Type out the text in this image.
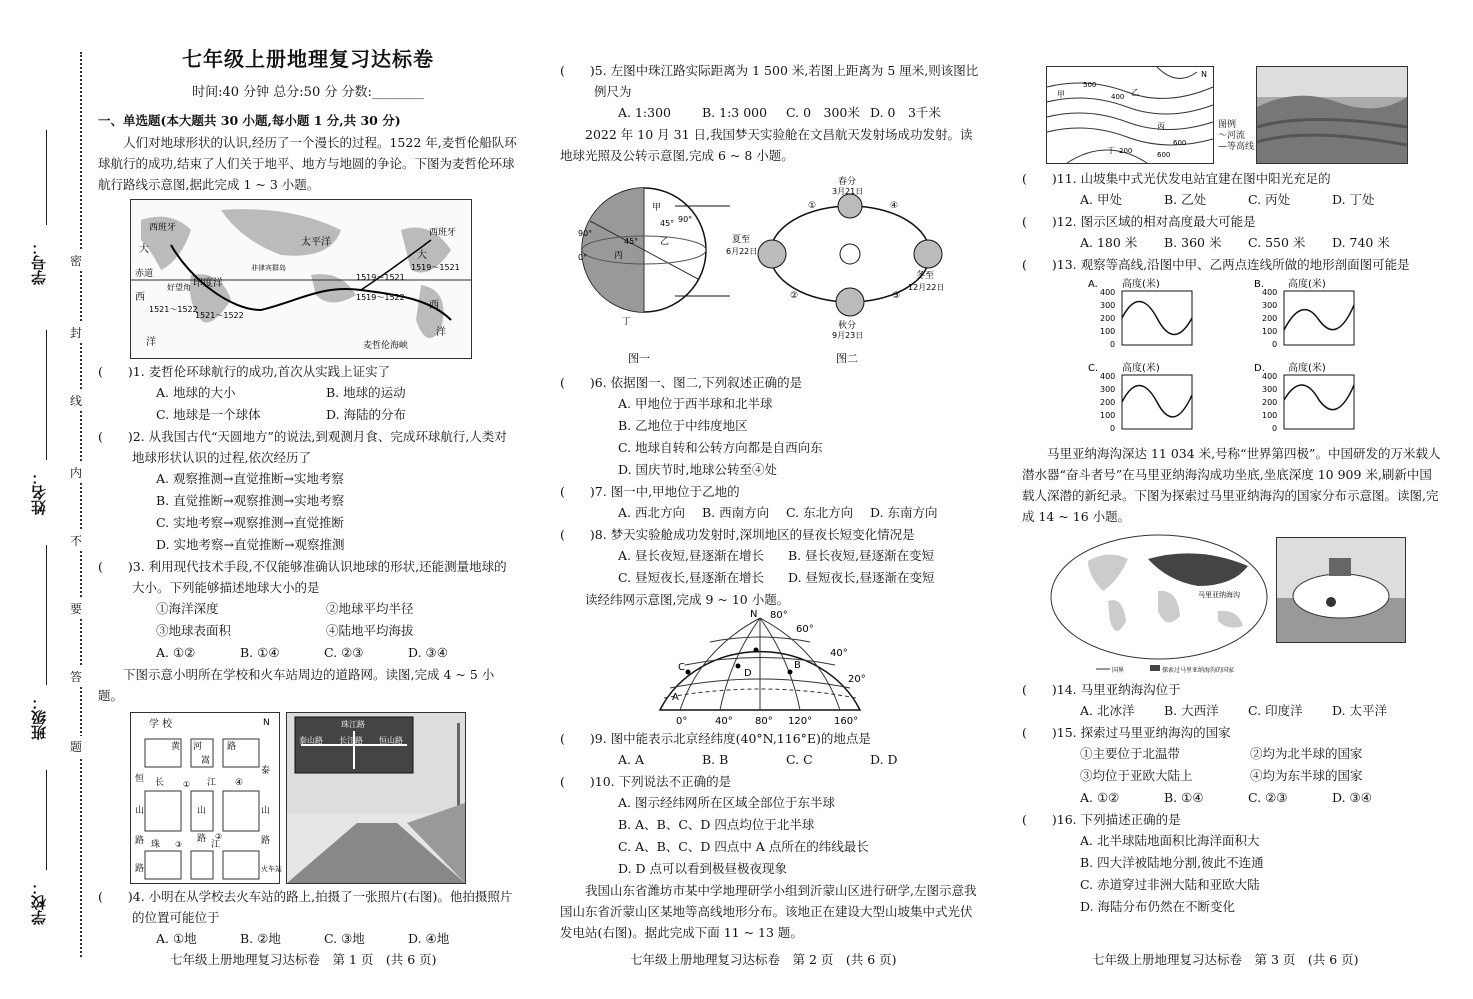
学号：
姓名：
班级：
学校：
密
封
线
内
不
要
答
题
七年级上册地理复习达标卷
时间:40 分钟 总分:50 分 分数:________
一、单选题(本大题共 30 小题,每小题 1 分,共 30 分)
人们对地球形状的认识,经历了一个漫长的过程。1522 年,麦哲伦船队环球航行的成功,结束了人们关于地平、地方与地圆的争论。下图为麦哲伦环球航行路线示意图,据此完成 1 ~ 3 小题。
西班牙
太平洋
大
西班牙
大
1519～1521
赤道
非律宾群岛
好望角 印度洋
1519～1521
1521～1522
西
1521～1522
洋
1519～1522
麦哲伦海峡
西
洋
(　　)1. 麦哲伦环球航行的成功,首次从实践上证实了
A. 地球的大小	B. 地球的运动
C. 地球是一个球体	D. 海陆的分布
(　　)2. 从我国古代“天圆地方”的说法,到观测月食、完成环球航行,人类对地球形状认识的过程,依次经历了
A. 观察推测→直觉推断→实地考察
B. 直觉推断→观察推测→实地考察
C. 实地考察→观察推测→直觉推断
D. 实地考察→直觉推断→观察推测
(　　)3. 利用现代技术手段,不仅能够准确认识地球的形状,还能测量地球的大小。下列能够描述地球大小的是
①海洋深度	②地球平均半径
③地球表面积	④陆地平均海拔
A. ①②	B. ①④	C. ②③	D. ③④
下图示意小明所在学校和火车站周边的道路网。读图,完成 4 ~ 5 小题。
学 校
黄 河	路
嵩
泰
恒 长	江 ④
山
①
山	山
②
路	路	路
珠 ③	江
路	火车站
N	珠江路
泰山路 长江路 恒山路
(　　)4. 小明在从学校去火车站的路上,拍摄了一张照片(右图)。他拍摄照片的位置可能位于
A. ①地	B. ②地	C. ③地	D. ④地
七年级上册地理复习达标卷　第 1 页　(共 6 页)
(　　)5. 左图中珠江路实际距离为 1 500 米,若图上距离为 5 厘米,则该图比例尺为
A. 1:300 B. 1:3 000 C. 0　300米 D. 0　3千米
2022 年 10 月 31 日,我国梦天实验舱在文昌航天发射场成功发射。读地球光照及公转示意图,完成 6 ~ 8 小题。
甲
45° 90°
乙
45°
0°
90°
丙
丁
春分
3月21日
①
②
夏至
6月22日
③
④
冬至
12月22日
秋分
9月23日
图一	图二
(　　)6. 依据图一、图二,下列叙述正确的是
A. 甲地位于西半球和北半球
B. 乙地位于中纬度地区
C. 地球自转和公转方向都是自西向东
D. 国庆节时,地球公转至④处
(　　)7. 图一中,甲地位于乙地的
A. 西北方向 B. 西南方向 C. 东北方向 D. 东南方向
(　　)8. 梦天实验舱成功发射时,深圳地区的昼夜长短变化情况是
A. 昼长夜短,昼逐渐在增长 B. 昼长夜短,昼逐渐在变短
C. 昼短夜长,昼逐渐在增长 D. 昼短夜长,昼逐渐在变短
读经纬网示意图,完成 9 ~ 10 小题。
N 80°
60°
40°
20°
0°	40° 80° 120° 160°
A
B
C
D
(　　)9. 图中能表示北京经纬度(40°N,116°E)的地点是
A. A	B. B	C. C	D. D
(　　)10. 下列说法不正确的是
A. 图示经纬网所在区域全部位于东半球
B. A、B、C、D 四点均位于北半球
C. A、B、C、D 四点中 A 点所在的纬线最长
D. D 点可以看到极昼极夜现象
我国山东省潍坊市某中学地理研学小组到沂蒙山区进行研学,左图示意我国山东省沂蒙山区某地等高线地形分布。该地正在建设大型山坡集中式光伏发电站(右图)。据此完成下面 11 ~ 13 题。
七年级上册地理复习达标卷　第 2 页　(共 6 页)
N
500
400
甲	乙
丙
丁 200	600
600
图例
～河流
—等高线
(　　)11. 山坡集中式光伏发电站宜建在图中阳光充足的
A. 甲处	B. 乙处	C. 丙处	D. 丁处
(　　)12. 图示区域的相对高度最大可能是
A. 180 米 B. 360 米 C. 550 米 D. 740 米
(　　)13. 观察等高线,沿图中甲、乙两点连线所做的地形剖面图可能是
A. 高度(米)
400
300
200
100
0
B. 高度(米)
400
300
200
100
0
C. 高度(米)
400
300
200
100
0
D. 高度(米)
400
300
200
100
0
马里亚纳海沟深达 11 034 米,号称“世界第四极”。中国研发的万米载人潜水器“奋斗者号”在马里亚纳海沟成功坐底,坐底深度 10 909 米,刷新中国载人深潜的新纪录。下图为探索过马里亚纳海沟的国家分布示意图。读图,完成 14 ~ 16 小题。
马里亚纳海沟
国界	探索过马里亚纳海沟的国家
(　　)14. 马里亚纳海沟位于
A. 北冰洋 B. 大西洋 C. 印度洋 D. 太平洋
(　　)15. 探索过马里亚纳海沟的国家
①主要位于北温带	②均为北半球的国家
③均位于亚欧大陆上	④均为东半球的国家
A. ①②	B. ①④	C. ②③	D. ③④
(　　)16. 下列描述正确的是
A. 北半球陆地面积比海洋面积大
B. 四大洋被陆地分割,彼此不连通
C. 赤道穿过非洲大陆和亚欧大陆
D. 海陆分布仍然在不断变化
七年级上册地理复习达标卷　第 3 页　(共 6 页)
